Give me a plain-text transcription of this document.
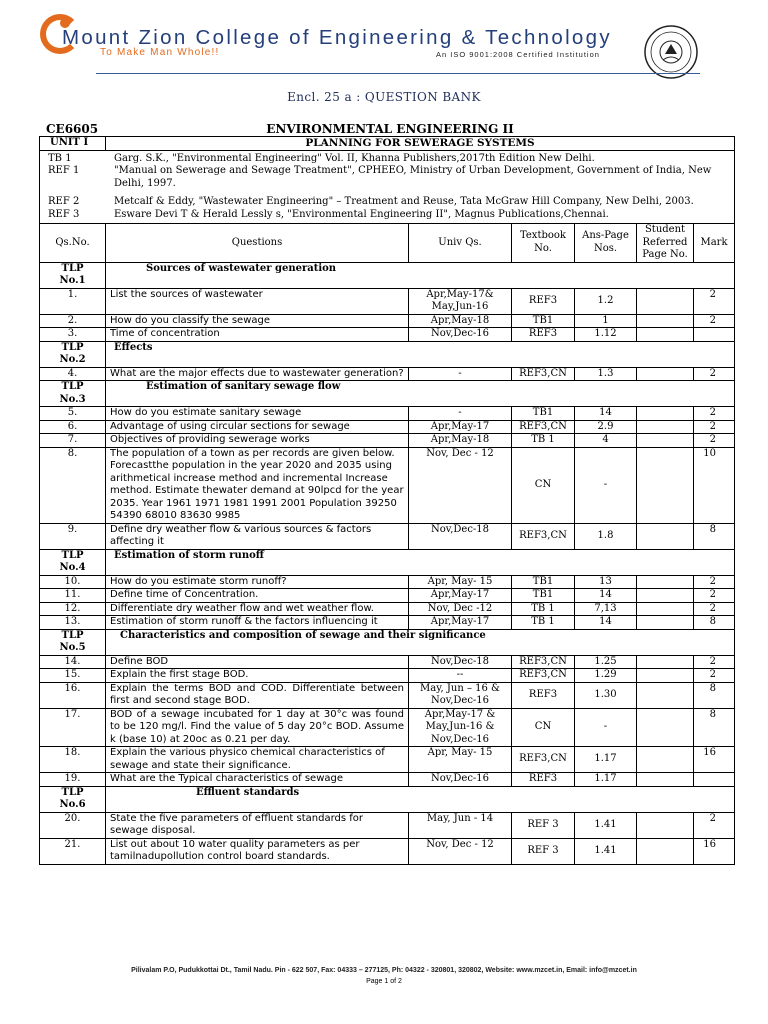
Mount Zion College of Engineering & Technology
To Make Man Whole!!	An ISO 9001:2008 Certified Institution
Encl. 25 a : QUESTION BANK
CE6605	ENVIRONMENTAL ENGINEERING II
UNIT I	PLANNING FOR SEWERAGE SYSTEMS

TB 1	Garg. S.K., "Environmental Engineering" Vol. II, Khanna Publishers,2017th Edition New Delhi.
REF 1	"Manual on Sewerage and Sewage Treatment", CPHEEO, Ministry of Urban Development, Government of India, New Delhi, 1997.
REF 2	Metcalf & Eddy, "Wastewater Engineering" – Treatment and Reuse, Tata McGraw Hill Company, New Delhi, 2003.
REF 3	Esware Devi T & Herald Lessly s, "Environmental Engineering II", Magnus Publications,Chennai.

Qs.No.	Questions	Univ Qs.	Textbook No.	Ans-Page Nos.	Student Referred Page No.	Mark
TLP
No.1	Sources of wastewater generation
1.	List the sources of wastewater	Apr,May-17& May,Jun-16	REF3	1.2		2
2.	How do you classify the sewage	Apr,May-18	TB1	1		2
3.	Time of concentration	Nov,Dec-16	REF3	1.12		
TLP
No.2	Effects
4.	What are the major effects due to wastewater generation?	-	REF3,CN	1.3		2
TLP
No.3	Estimation of sanitary sewage flow
5.	How do you estimate sanitary sewage	-	TB1	14		2
6.	Advantage of using circular sections for sewage	Apr,May-17	REF3,CN	2.9		2
7.	Objectives of providing sewerage works	Apr,May-18	TB 1	4		2
8.	The population of a town as per records are given below. Forecastthe population in the year 2020 and 2035 using arithmetical increase method and incremental Increase method. Estimate thewater demand at 90lpcd for the year 2035. Year 1961 1971 1981 1991 2001 Population 39250 54390 68010 83630 9985	Nov, Dec - 12	CN	-		10
9.	Define dry weather flow & various sources & factors affecting it	Nov,Dec-18	REF3,CN	1.8		8
TLP
No.4	Estimation of storm runoff
10.	How do you estimate storm runoff?	Apr, May- 15	TB1	13		2
11.	Define time of Concentration.	Apr,May-17	TB1	14		2
12.	Differentiate dry weather flow and wet weather flow.	Nov, Dec -12	TB 1	7,13		2
13.	Estimation of storm runoff & the factors influencing it	Apr,May-17	TB 1	14		8
TLP
No.5	Characteristics and composition of sewage and their significance
14.	Define BOD	Nov,Dec-18	REF3,CN	1.25		2
15.	Explain the first stage BOD.	--	REF3,CN	1.29		2
16.	Explain the terms BOD and COD. Differentiate between first and second stage BOD.	May, Jun – 16 & Nov,Dec-16	REF3	1.30		8
17.	BOD of a sewage incubated for 1 day at 30°c was found to be 120 mg/l. Find the value of 5 day 20°c BOD. Assume k (base 10) at 20oc as 0.21 per day.	Apr,May-17 & May,Jun-16 & Nov,Dec-16	CN	-		8
18.	Explain the various physico chemical characteristics of sewage and state their significance.	Apr, May- 15	REF3,CN	1.17		16
19.	What are the Typical characteristics of sewage	Nov,Dec-16	REF3	1.17		
TLP
No.6	Effluent standards
20.	State the five parameters of effluent standards for sewage disposal.	May, Jun - 14	REF 3	1.41		2
21.	List out about 10 water quality parameters as per tamilnadupollution control board standards.	Nov, Dec - 12	REF 3	1.41		16
Pilivalam P.O, Pudukkottai Dt., Tamil Nadu. Pin - 622 507, Fax: 04333 – 277125, Ph: 04322 - 320801, 320802, Website: www.mzcet.in, Email: info@mzcet.in
Page 1 of 2
